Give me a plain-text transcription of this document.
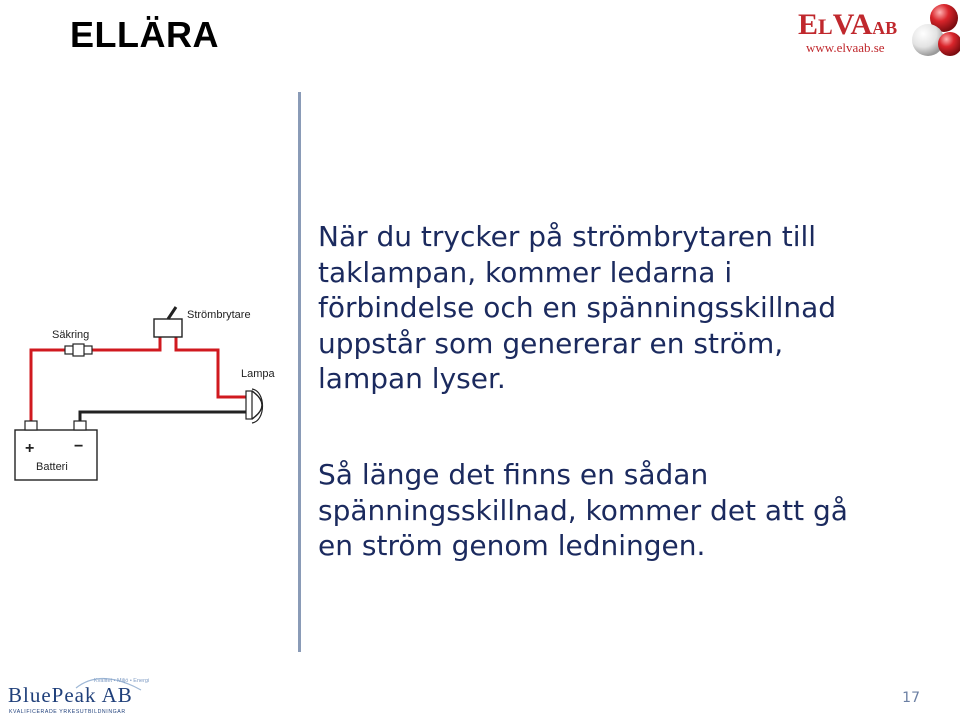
ELLÄRA	ELVAAB
www.elvaab.se
Säkring
Strömbrytare
Lampa
Batteri
+ −

När du trycker på strömbrytaren till
taklampan, kommer ledarna i
förbindelse och en spänningsskillnad
uppstår som genererar en ström,
lampan lyser.

Så länge det finns en sådan
spänningsskillnad, kommer det att gå
en ström genom ledningen.

Kvalitet • Miljö • Energi
BluePeak AB
KVALIFICERADE YRKESUTBILDNINGAR
17
